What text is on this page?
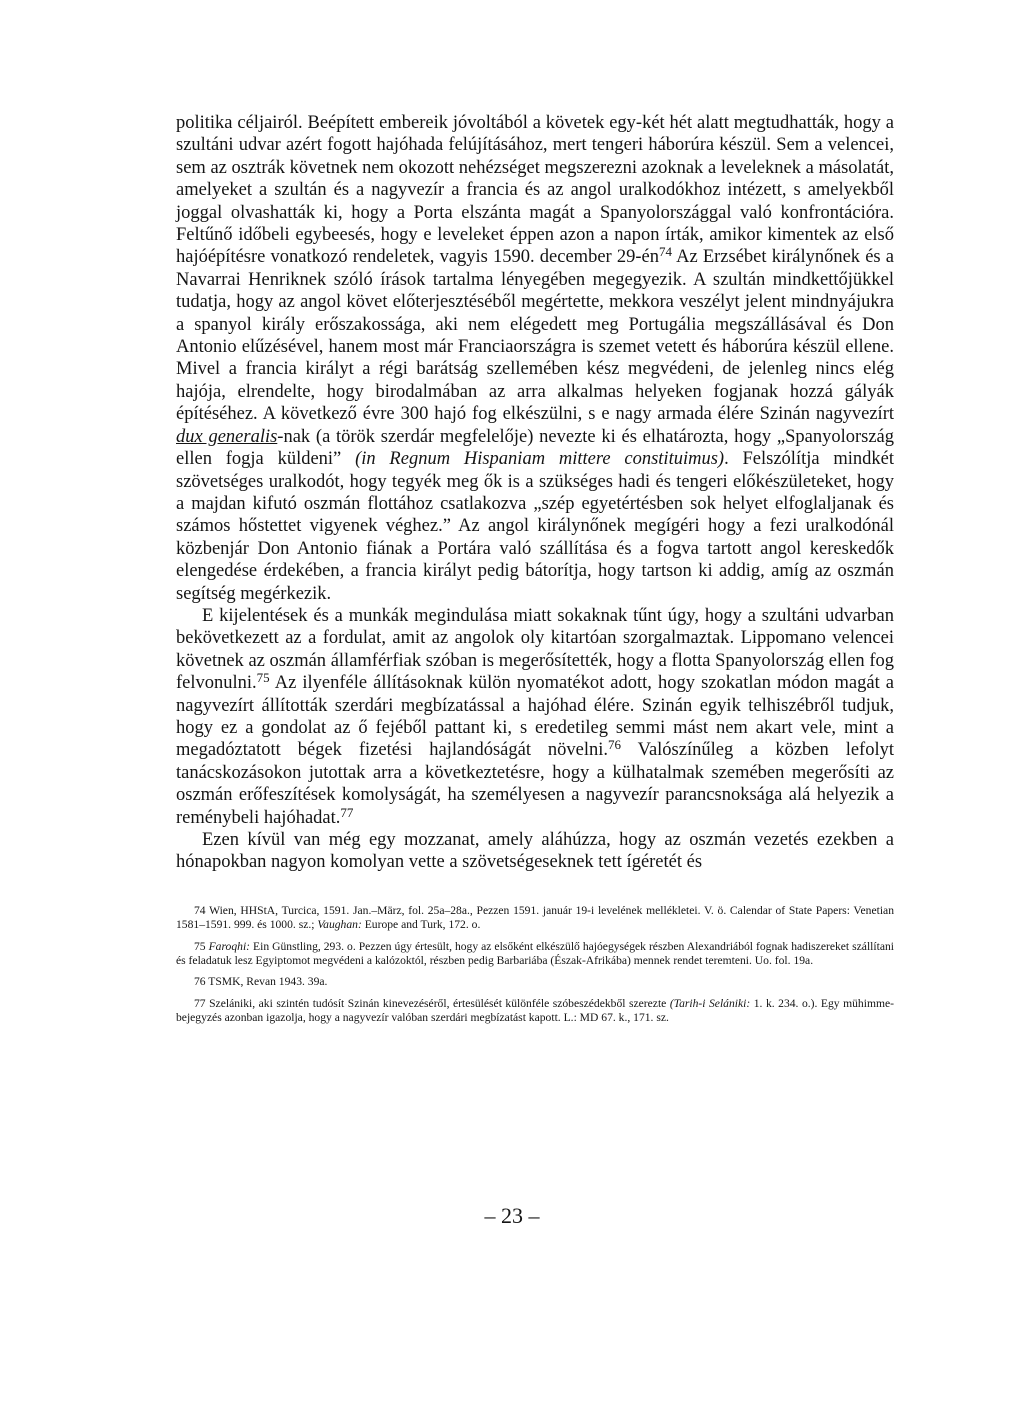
politika céljairól. Beépített embereik jóvoltából a követek egy-két hét alatt megtudhatták, hogy a szultáni udvar azért fogott hajóhada felújításához, mert tengeri háborúra készül. Sem a velencei, sem az osztrák követnek nem okozott nehézséget megszerezni azoknak a leveleknek a másolatát, amelyeket a szultán és a nagyvezír a francia és az angol uralkodókhoz intézett, s amelyekből joggal olvashatták ki, hogy a Porta elszánta magát a Spanyolországgal való konfrontációra. Feltűnő időbeli egybeesés, hogy e leveleket éppen azon a napon írták, amikor kimentek az első hajóépítésre vonatkozó rendeletek, vagyis 1590. december $29-én^{74}$ Az Erzsébet királynőnek és a Navarrai Henriknek szóló írások tartalma lényegében megegyezik. A szultán mindkettőjükkel tudatja, hogy az angol követ előterjesztéséből megértette, mekkora veszélyt jelent mindnyájukra a spanyol király erőszakossága, aki nem elégedett meg Portugália megszállásával és Don Antonio elűzésével, hanem most már Franciaországra is szemet vetett és háborúra készül ellene. Mivel a francia királyt a régi barátság szellemében kész megvédeni, de jelenleg nincs elég hajója, elrendelte, hogy birodalmában az arra alkalmas helyeken fogjanak hozzá gályák építéséhez. A következő évre 300 hajó fog elkészülni, s e nagy armada élére Szinán nagyvezírt dux generalis-nak (a török szerdár megfelelője) nevezte ki és elhatározta, hogy „Spanyolország ellen fogja küldeni” (in Regnum Hispaniam mittere constituimus). Felszólítja mindkét szövetséges uralkodót, hogy tegyék meg ők is a szükséges hadi és tengeri előkészületeket, hogy a majdan kifutó oszmán flottához csatlakozva „szép egyetértésben sok helyet elfoglaljanak és számos hőstettet vigyenek véghez.” Az angol királynőnek megígéri hogy a fezi uralkodónál közbenjár Don Antonio fiának a Portára való szállítása és a fogva tartott angol kereskedők elengedése érdekében, a francia királyt pedig bátorítja, hogy tartson ki addig, amíg az oszmán segítség megérkezik.

E kijelentések és a munkák megindulása miatt sokaknak tűnt úgy, hogy a szultáni udvarban bekövetkezett az a fordulat, amit az angolok oly kitartóan szorgalmaztak. Lippomano velencei követnek az oszmán államférfiak szóban is megerősítették, hogy a flotta Spanyolország ellen fog felvonulni.$^{75}$ Az ilyenféle állításoknak külön nyomatékot adott, hogy szokatlan módon magát a nagyvezírt állították szerdári megbízatással a hajóhad élére. Szinán egyik telhiszébről tudjuk, hogy ez a gondolat az ő fejéből pattant ki, s eredetileg semmi mást nem akart vele, mint a megadóztatott bégek fizetési hajlandóságát növelni.$^{76}$ Valószínűleg a közben lefolyt tanácskozásokon jutottak arra a következtetésre, hogy a külhatalmak szemében megerősíti az oszmán erőfeszítések komolyságát, ha személyesen a nagyvezír parancsnoksága alá helyezik a reménybeli hajóhadat.$^{77}$

Ezen kívül van még egy mozzanat, amely aláhúzza, hogy az oszmán vezetés ezekben a hónapokban nagyon komolyan vette a szövetségeseknek tett ígéretét és

74 Wien, HHStA, Turcica, 1591. Jan.–März, fol. 25a–28a., Pezzen 1591. január 19-i levelének mellékletei. V. ö. Calendar of State Papers: Venetian 1581–1591. 999. és 1000. sz.; Vaughan: Europe and Turk, 172. o.

75 Faroqhi: Ein Günstling, 293. o. Pezzen úgy értesült, hogy az elsőként elkészülő hajóegységek részben Alexandriából fognak hadiszereket szállítani és feladatuk lesz Egyiptomot megvédeni a kalózoktól, részben pedig Barbariába (Észak-Afrikába) mennek rendet teremteni. Uo. fol. 19a.

76 TSMK, Revan 1943. 39a.

77 Szelániki, aki szintén tudósít Szinán kinevezéséről, értesülését különféle szóbeszédekből szerezte (Tarih-i Selániki: 1. k. 234. o.). Egy mühimme-bejegyzés azonban igazolja, hogy a nagyvezír valóban szerdári megbízatást kapott. L.: MD 67. k., 171. sz.

– 23 –
